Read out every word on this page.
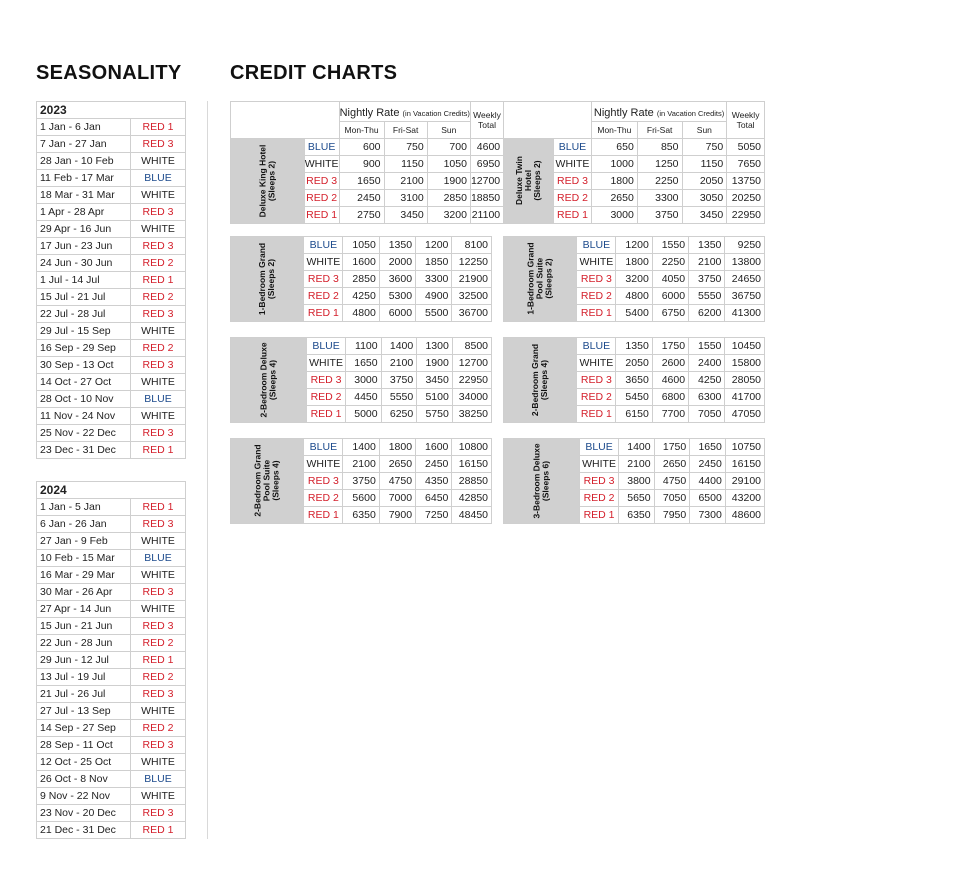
SEASONALITY CREDIT CHARTS
2023	
1 Jan - 6 Jan	RED 1
7 Jan - 27 Jan	RED 3
28 Jan - 10 Feb	WHITE
11 Feb - 17 Mar	BLUE
18 Mar - 31 Mar	WHITE
1 Apr - 28 Apr	RED 3
29 Apr - 16 Jun	WHITE
17 Jun - 23 Jun	RED 3
24 Jun - 30 Jun	RED 2
1 Jul - 14 Jul	RED 1
15 Jul - 21 Jul	RED 2
22 Jul - 28 Jul	RED 3
29 Jul - 15 Sep	WHITE
16 Sep - 29 Sep	RED 2
30 Sep - 13 Oct	RED 3
14 Oct - 27 Oct	WHITE
28 Oct - 10 Nov	BLUE
11 Nov - 24 Nov	WHITE
25 Nov - 22 Dec	RED 3
23 Dec - 31 Dec	RED 1
2024	
1 Jan - 5 Jan	RED 1
6 Jan - 26 Jan	RED 3
27 Jan - 9 Feb	WHITE
10 Feb - 15 Mar	BLUE
16 Mar - 29 Mar	WHITE
30 Mar - 26 Apr	RED 3
27 Apr - 14 Jun	WHITE
15 Jun - 21 Jun	RED 3
22 Jun - 28 Jun	RED 2
29 Jun - 12 Jul	RED 1
13 Jul - 19 Jul	RED 2
21 Jul - 26 Jul	RED 3
27 Jul - 13 Sep	WHITE
14 Sep - 27 Sep	RED 2
28 Sep - 11 Oct	RED 3
12 Oct - 25 Oct	WHITE
26 Oct - 8 Nov	BLUE
9 Nov - 22 Nov	WHITE
23 Nov - 20 Dec	RED 3
21 Dec - 31 Dec	RED 1
		Nightly Rate (in Vacation Credits)			Weekly
Total
		Mon-Thu	Fri-Sat	Sun	
Deluxe King Hotel
(Sleeps 2)	BLUE	600	750	700	4600
	WHITE	900	1150	1050	6950
	RED 3	1650	2100	1900	12700
	RED 2	2450	3100	2850	18850
	RED 1	2750	3450	3200	21100
1-Bedroom Grand
(Sleeps 2)	BLUE	1050	1350	1200	8100
	WHITE	1600	2000	1850	12250
	RED 3	2850	3600	3300	21900
	RED 2	4250	5300	4900	32500
	RED 1	4800	6000	5500	36700
2-Bedroom Deluxe
(Sleeps 4)	BLUE	1100	1400	1300	8500
	WHITE	1650	2100	1900	12700
	RED 3	3000	3750	3450	22950
	RED 2	4450	5550	5100	34000
	RED 1	5000	6250	5750	38250
2-Bedroom Grand
Pool Suite
(Sleeps 4)	BLUE	1400	1800	1600	10800
	WHITE	2100	2650	2450	16150
	RED 3	3750	4750	4350	28850
	RED 2	5600	7000	6450	42850
	RED 1	6350	7900	7250	48450
		Nightly Rate (in Vacation Credits)			Weekly
Total
		Mon-Thu	Fri-Sat	Sun	
Deluxe Twin
Hotel
(Sleeps 2)	BLUE	650	850	750	5050
	WHITE	1000	1250	1150	7650
	RED 3	1800	2250	2050	13750
	RED 2	2650	3300	3050	20250
	RED 1	3000	3750	3450	22950
1-Bedroom Grand
Pool Suite
(Sleeps 2)	BLUE	1200	1550	1350	9250
	WHITE	1800	2250	2100	13800
	RED 3	3200	4050	3750	24650
	RED 2	4800	6000	5550	36750
	RED 1	5400	6750	6200	41300
2-Bedroom Grand
(Sleeps 4)	BLUE	1350	1750	1550	10450
	WHITE	2050	2600	2400	15800
	RED 3	3650	4600	4250	28050
	RED 2	5450	6800	6300	41700
	RED 1	6150	7700	7050	47050
3-Bedroom Deluxe
(Sleeps 6)	BLUE	1400	1750	1650	10750
	WHITE	2100	2650	2450	16150
	RED 3	3800	4750	4400	29100
	RED 2	5650	7050	6500	43200
	RED 1	6350	7950	7300	48600
